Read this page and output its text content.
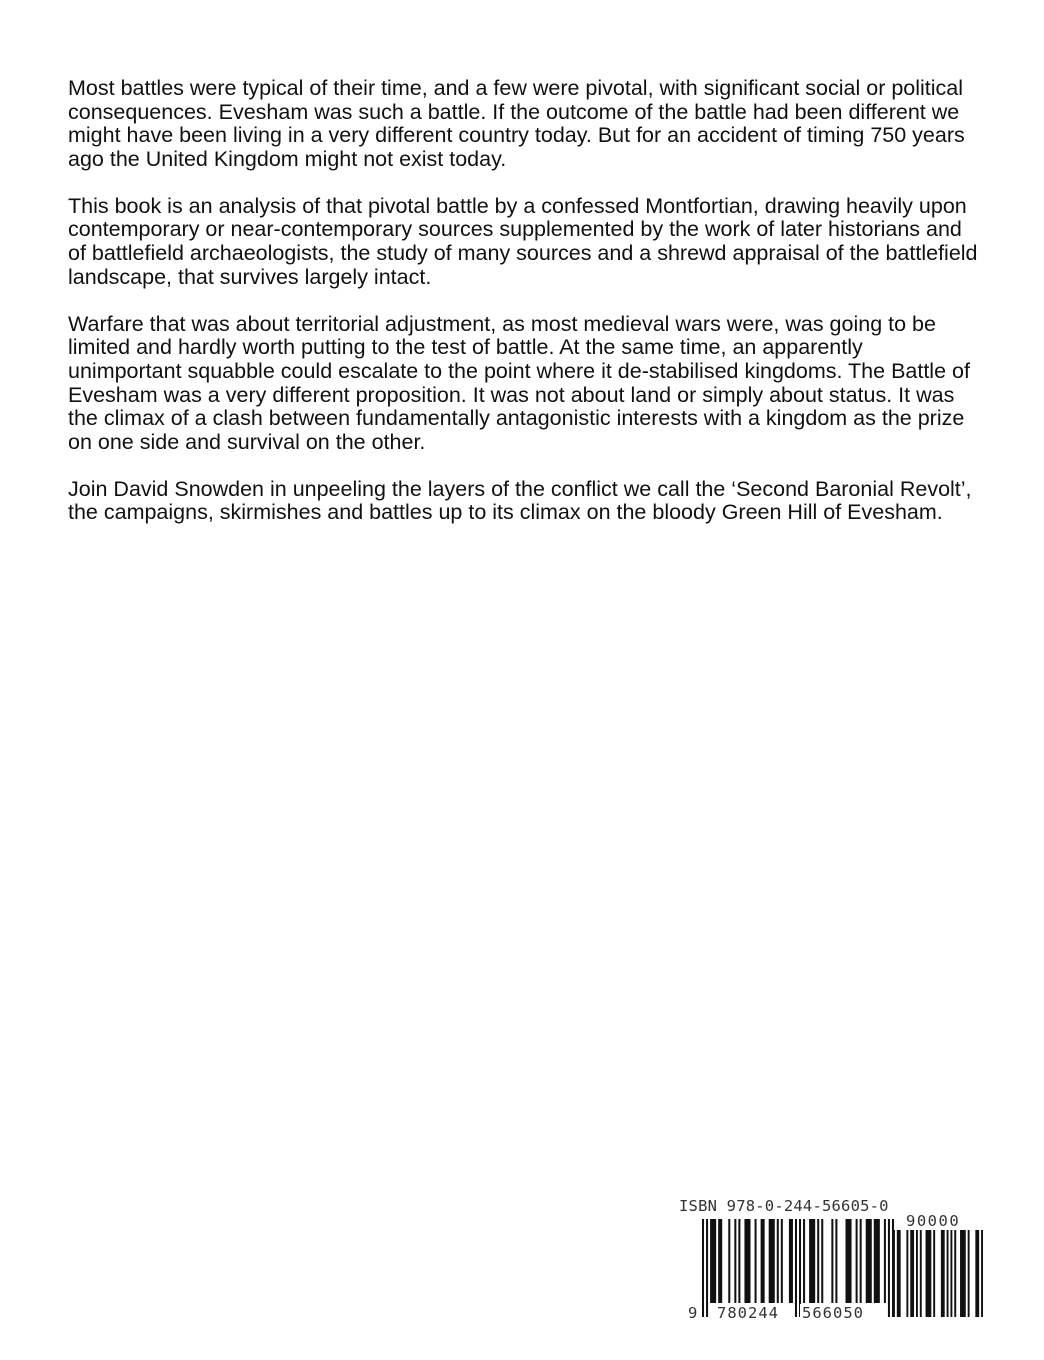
Most battles were typical of their time, and a few were pivotal, with significant social or political consequences. Evesham was such a battle. If the outcome of the battle had been different we might have been living in a very different country today. But for an accident of timing 750 years ago the United Kingdom might not exist today.

This book is an analysis of that pivotal battle by a confessed Montfortian, drawing heavily upon contemporary or near-contemporary sources supplemented by the work of later historians and of battlefield archaeologists, the study of many sources and a shrewd appraisal of the battlefield landscape, that survives largely intact.

Warfare that was about territorial adjustment, as most medieval wars were, was going to be limited and hardly worth putting to the test of battle. At the same time, an apparently unimportant squabble could escalate to the point where it de-stabilised kingdoms. The Battle of Evesham was a very different proposition. It was not about land or simply about status. It was the climax of a clash between fundamentally antagonistic interests with a kingdom as the prize on one side and survival on the other.

Join David Snowden in unpeeling the layers of the conflict we call the ‘Second Baronial Revolt’, the campaigns, skirmishes and battles up to its climax on the bloody Green Hill of Evesham.

ISBN 978-0-244-56605-0
90000
9 780244 566050
